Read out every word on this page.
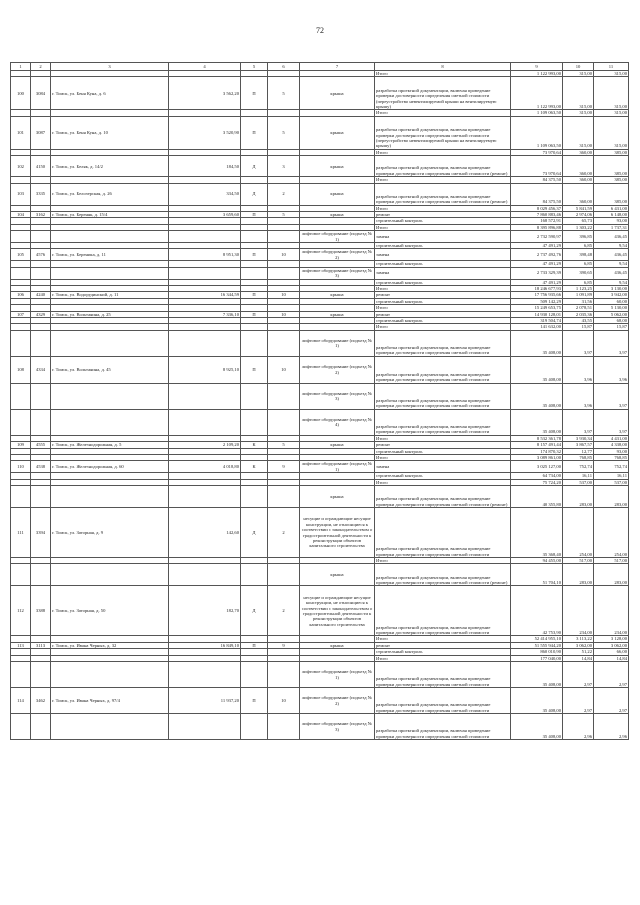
72
1	2	3	4	5	6	7	8	9	10	11
							Итого	1 122 993,00	315,00	315,00
100	3084	г. Томск, ул. Беня Куна, д. 6	3 562,20	П	5	крыша	разработка проектной документации, включая проведение проверки достоверности определения сметной стоимости (переустройство невентилируемой крыши на вентилируемую крышу)	1 122 993,00	315,00	315,00
							Итого	1 109 063,50	315,00	315,00
101	3087	г. Томск, ул. Беня Куна, д. 10	3 520,90	П	5	крыша	разработка проектной документации, включая проведение проверки достоверности определения сметной стоимости (переустройство невентилируемой крыши на вентилируемую крышу)	1 109 063,50	315,00	315,00
							Итого	73 970,64	360,00	385,00
102	4150	г. Томск, ул. Беляк, д. 14/2	184,50	Д	3	крыша	разработка проектной документации, включая проведение проверки достоверности определения сметной стоимости (ремонт)	73 970,64	360,00	385,00
							Итого	84 375,50	360,00	385,00
103	3335	г. Томск, ул. Белозерская, д. 26	334,50	Д	2	крыша	разработка проектной документации, включая проведение проверки достоверности определения сметной стоимости (ремонт)	84 375,50	360,00	385,00
							Итого	8 029 456,37	5 841,59	6 431,00
104	3162	г. Томск, ул. Береняк, д. 15/4	3 659,60	П	5	крыша	ремонт	7 860 883,46	2 974,06	6 148,00
							строительный контроль	168 572,91	65,73	93,00
							Итого	8 395 896,88	1 303,22	1 737,31
						лифтовое оборудование (подъезд № 1)	замена	2 732 590,97	396,85	436,45
							строительный контроль	47 491,29	6,85	9,54
105	4576	г. Томск, ул. Береника, д. 11	8 951,30	П	10	лифтовое оборудование (подъезд № 2)	замена	2 737 492,76	398,48	436,45
							строительный контроль	47 491,29	6,85	9,54
						лифтовое оборудование (подъезд № 3)	замена	2 733 329,39	390,65	436,45
							строительный контроль	47 491,29	6,85	9,54
							Итого	18 246 677,93	1 123,25	3 130,00
106	4240	г. Томск, ул. Водорудинский, д. 11	16 344,59	П	10	крыша	ремонт	17 756 935,66	1 091,89	3 942,00
							строительный контроль	509 142,29	31,56	60,00
							Итого	15 249 653,75	2 078,51	5 130,00
107	4329	г. Томск, ул. Вольтаяина, д. 25	7 336,10	П	10	крыша	ремонт	14 930 128,01	2 035,36	5 062,00
							строительный контроль	319 504,74	43,55	68,00
							Итого	141 632,00	15,87	15,87
						лифтовое оборудование (подъезд № 1)	разработка проектной документации, включая проведение проверки достоверности определения сметной стоимости	35 408,00	3,97	3,97
108	4334	г. Томск, ул. Вольтаяина, д. 45	8 925,10	П	10	лифтовое оборудование (подъезд № 2)	разработка проектной документации, включая проведение проверки достоверности определения сметной стоимости	35 408,00	3,96	3,96
						лифтовое оборудование (подъезд № 3)	разработка проектной документации, включая проведение проверки достоверности определения сметной стоимости	35 408,00	3,96	3,97
						лифтовое оборудование (подъезд № 4)	разработка проектной документации, включая проведение проверки достоверности определения сметной стоимости	35 408,00	3,97	3,97
							Итого	8 532 361,78	3 930,34	4 431,00
109	4555	г. Томск, ул. Железнодорожная, д. 5	2 109,20	К	5	крыша	ремонт	8 157 491,44	3 867,57	4 338,00
							строительный контроль	174 870,32	12,77	93,00
							Итого	3 089 861,00	768,85	768,85
110	4538	г. Томск, ул. Железнодорожная, д. 60	4 018,80	К	9	лифтовое оборудование (подъезд № 1)	замена	3 025 127,00	752,74	752,74
							строительный контроль	64 734,00	16,11	16,11
							Итого	75 724,20	537,00	537,00
						крыша	разработка проектной документации, включая проведение проверки достоверности определения сметной стоимости (ремонт)	40 355,80	283,00	283,00
111	3394	г. Томск, ул. Заторная, д. 9	142,60	Д	2	несущие и ограждающие несущие конструкции, не относящиеся к соответствии с законодательством о градостроительной деятельности к реконструкции объектов капитального строительства	разработка проектной документации, включая проведение проверки достоверности определения сметной стоимости	35 368,40	254,00	254,00
							Итого	94 455,00	517,00	517,00
						крыша	разработка проектной документации, включая проведение проверки достоверности определения сметной стоимости (ремонт)	51 704,10	283,00	283,00
112	3388	г. Томск, ул. Заторная, д. 50	182,70	Д	2	несущие и ограждающие несущие конструкции, не относящиеся к соответствии с законодательством о градостроительной деятельности к реконструкции объектов капитального строительства	разработка проектной документации, включая проведение проверки достоверности определения сметной стоимости	42 753,90	234,00	234,00
							Итого	52 414 955,10	3 113,22	3 128,00
113	3113	г. Томск, ул. Ивана Черных, д. 32	16 849,10	П	9	крыша	ремонт	51 555 944,20	3 062,00	3 062,00
							строительный контроль	860 010,90	51,22	66,00
							Итого	177 040,00	14,84	14,84
						лифтовое оборудование (подъезд № 1)	разработка проектной документации, включая проведение проверки достоверности определения сметной стоимости	35 408,00	2,97	2,97
114	3462	г. Томск, ул. Ивана Черных, д. 97/4	11 937,20	П	10	лифтовое оборудование (подъезд № 2)	разработка проектной документации, включая проведение проверки достоверности определения сметной стоимости	35 408,00	2,97	2,97
						лифтовое оборудование (подъезд № 3)	разработка проектной документации, включая проведение проверки достоверности определения сметной стоимости	35 408,00	2,96	2,96
